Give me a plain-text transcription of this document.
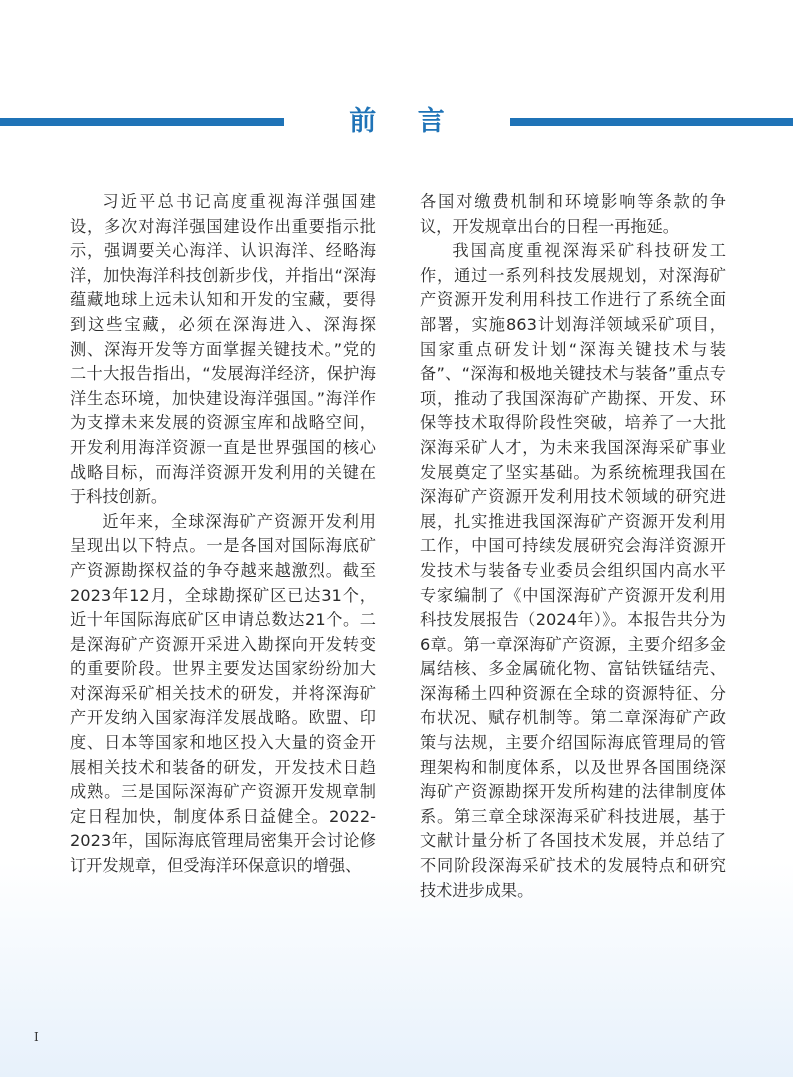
前 言

习近平总书记高度重视海洋强国建设，多次对海洋强国建设作出重要指示批示，强调要关心海洋、认识海洋、经略海洋，加快海洋科技创新步伐，并指出“深海蕴藏地球上远未认知和开发的宝藏，要得到这些宝藏，必须在深海进入、深海探测、深海开发等方面掌握关键技术。”党的二十大报告指出，“发展海洋经济，保护海洋生态环境，加快建设海洋强国。”海洋作为支撑未来发展的资源宝库和战略空间，开发利用海洋资源一直是世界强国的核心战略目标，而海洋资源开发利用的关键在于科技创新。

近年来，全球深海矿产资源开发利用呈现出以下特点。一是各国对国际海底矿产资源勘探权益的争夺越来越激烈。截至2023年12月，全球勘探矿区已达31个，近十年国际海底矿区申请总数达21个。二是深海矿产资源开采进入勘探向开发转变的重要阶段。世界主要发达国家纷纷加大对深海采矿相关技术的研发，并将深海矿产开发纳入国家海洋发展战略。欧盟、印度、日本等国家和地区投入大量的资金开展相关技术和装备的研发，开发技术日趋成熟。三是国际深海矿产资源开发规章制定日程加快，制度体系日益健全。2022-2023年，国际海底管理局密集开会讨论修订开发规章，但受海洋环保意识的增强、

各国对缴费机制和环境影响等条款的争议，开发规章出台的日程一再拖延。

我国高度重视深海采矿科技研发工作，通过一系列科技发展规划，对深海矿产资源开发利用科技工作进行了系统全面部署，实施863计划海洋领域采矿项目，国家重点研发计划“深海关键技术与装备”、“深海和极地关键技术与装备”重点专项，推动了我国深海矿产勘探、开发、环保等技术取得阶段性突破，培养了一大批深海采矿人才，为未来我国深海采矿事业发展奠定了坚实基础。为系统梳理我国在深海矿产资源开发利用技术领域的研究进展，扎实推进我国深海矿产资源开发利用工作，中国可持续发展研究会海洋资源开发技术与装备专业委员会组织国内高水平专家编制了《中国深海矿产资源开发利用科技发展报告（2024年）》。本报告共分为6章。第一章深海矿产资源，主要介绍多金属结核、多金属硫化物、富钴铁锰结壳、深海稀土四种资源在全球的资源特征、分布状况、赋存机制等。第二章深海矿产政策与法规，主要介绍国际海底管理局的管理架构和制度体系，以及世界各国围绕深海矿产资源勘探开发所构建的法律制度体系。第三章全球深海采矿科技进展，基于文献计量分析了各国技术发展，并总结了不同阶段深海采矿技术的发展特点和研究技术进步成果。

I
